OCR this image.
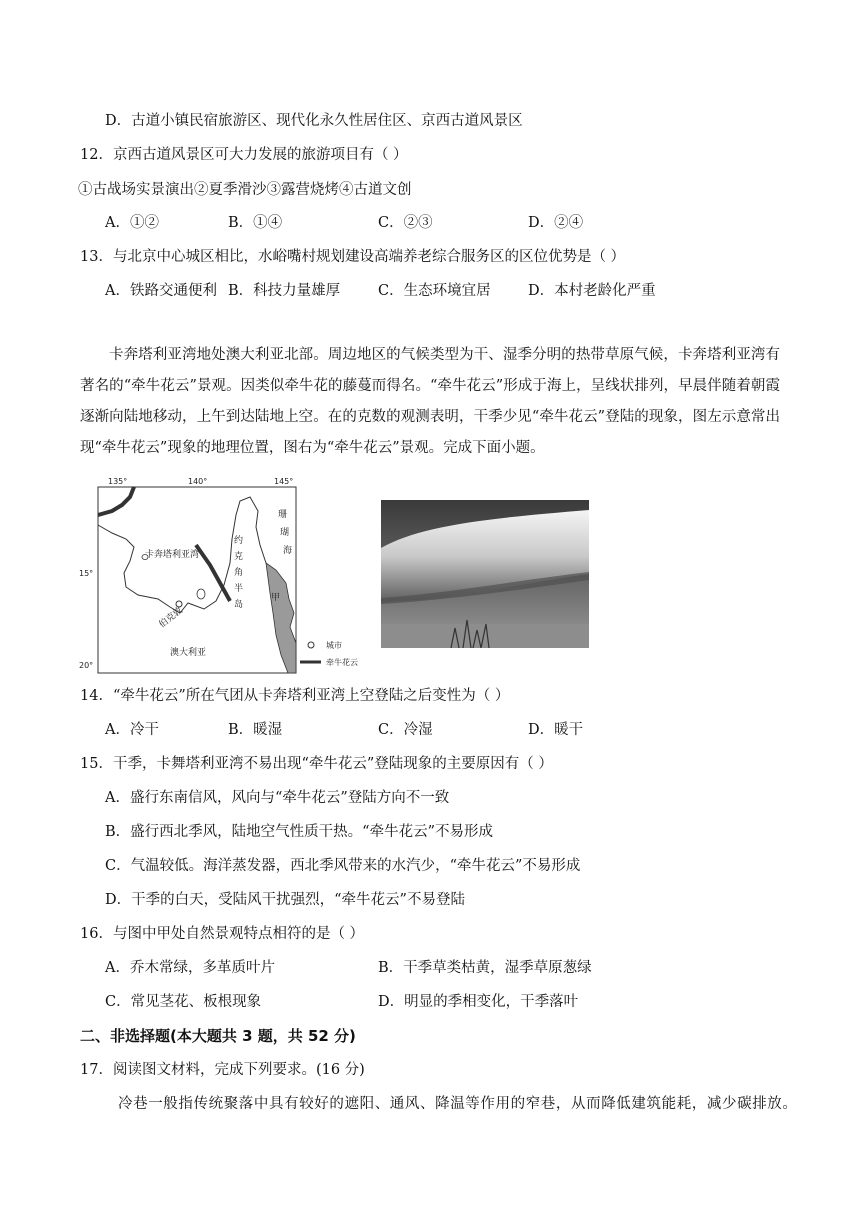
D．古道小镇民宿旅游区、现代化永久性居住区、京西古道风景区
12．京西古道风景区可大力发展的旅游项目有（ ）
①古战场实景演出②夏季滑沙③露营烧烤④古道文创
A．①②	B．①④	C．②③	D．②④
13．与北京中心城区相比，水峪嘴村规划建设高端养老综合服务区的区位优势是（ ）
A．铁路交通便利 B．科技力量雄厚	C．生态环境宜居	D．本村老龄化严重
卡奔塔利亚湾地处澳大利亚北部。周边地区的气候类型为干、湿季分明的热带草原气候，卡奔塔利亚湾有著名的“牵牛花云”景观。因类似牵牛花的藤蔓而得名。“牵牛花云”形成于海上，呈线状排列，早晨伴随着朝霞逐渐向陆地移动，上午到达陆地上空。在的克数的观测表明，干季少见“牵牛花云”登陆的现象，图左示意常出现“牵牛花云”现象的地理位置，图右为“牵牛花云”景观。完成下面小题。
135°	140°	145°
15°
20°
卡奔塔利亚湾
约
克
角
半
岛
珊
瑚
海
甲
伯克敦
澳大利亚
城市
牵牛花云
14．“牵牛花云”所在气团从卡奔塔利亚湾上空登陆之后变性为（ ）
A．冷干	B．暖湿	C．冷湿	D．暖干
15．干季，卡舞塔利亚湾不易出现“牵牛花云”登陆现象的主要原因有（ ）
A．盛行东南信风，风向与“牵牛花云”登陆方向不一致
B．盛行西北季风，陆地空气性质干热。“牵牛花云”不易形成
C．气温较低。海洋蒸发器，西北季风带来的水汽少，“牵牛花云”不易形成
D．干季的白天，受陆风干扰强烈，“牵牛花云”不易登陆
16．与图中甲处自然景观特点相符的是（ ）
A．乔木常绿，多革质叶片	B．干季草类枯黄，湿季草原葱绿
C．常见茎花、板根现象	D．明显的季相变化，干季落叶
二、非选择题(本大题共 3 题，共 52 分)
17．阅读图文材料，完成下列要求。(16 分)
冷巷一般指传统聚落中具有较好的遮阳、通风、降温等作用的窄巷，从而降低建筑能耗，减少碳排放。
